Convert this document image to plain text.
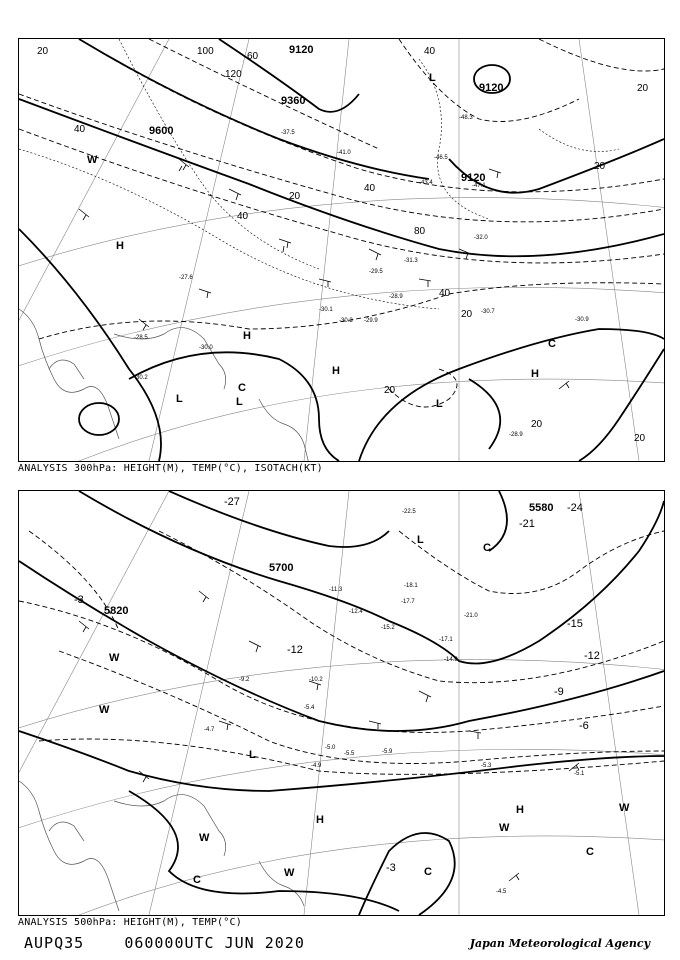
9600
9360
9120
9120
9120
20
40
60
80
100
120
40
20
40
40
20
20
20
40
20
20
20
H
H
H	H
L	L	L
L
C
C
W
-30.3
-30.1
-29.9	-30.9
-28.9
-31.3
-32.0
-29.5
-30.7
-47.1
-48.3
-46.5
-43.4
-41.0
-37.5
-30.0
-27.6
-28.9
-28.5
-30.2
ANALYSIS 300hPa: HEIGHT(M), TEMP(°C), ISOTACH(KT)
5700
5820
5580
-3
-12
-15
-12
-9
-6
-24
-21
-27
-3
H
H
L
L
C
C
C
C
W
W
W
W
W
W
-5.9
-5.5
-5.3
-5.1
-4.5
-4.9
-5.0
-11.3
-12.4
-17.1
-17.7
-18.1
-15.2
-21.0
-22.5
-14.9
-10.2
-9.2
-5.4
-4.7
ANALYSIS 500hPa: HEIGHT(M), TEMP(°C)
AUPQ35	060000UTC JUN 2020	Japan Meteorological Agency
